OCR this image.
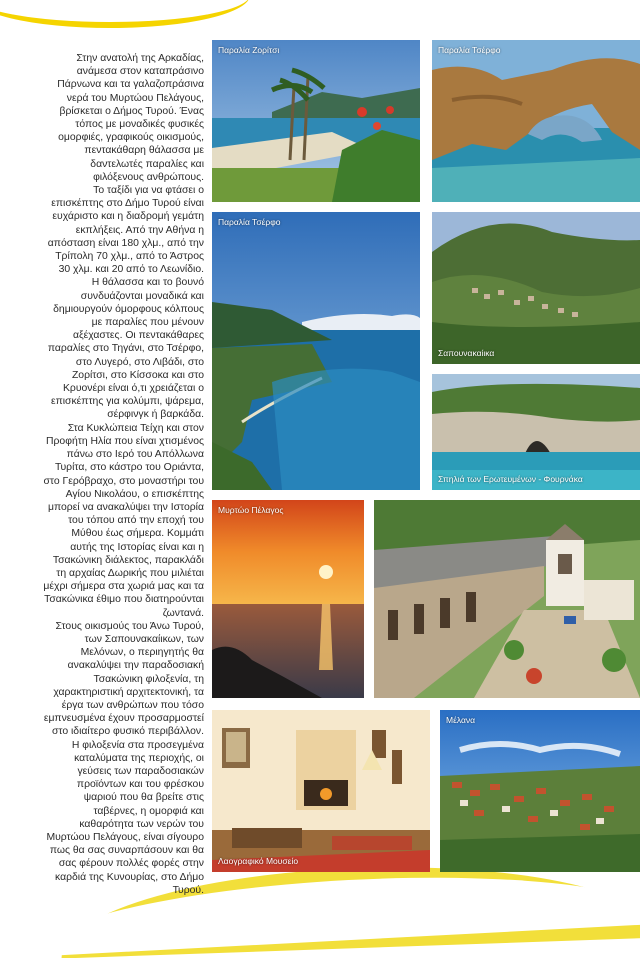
Στην ανατολή της Αρκαδίας, ανάμεσα στον καταπράσινο Πάρνωνα και τα γαλαζοπράσινα νερά του Μυρτώου Πελάγους, βρίσκεται ο Δήμος Τυρού. Ένας τόπος με μοναδικές φυσικές ομορφιές, γραφικούς οικισμούς, πεντακάθαρη θάλασσα με δαντελωτές παραλίες και φιλόξενους ανθρώπους.

Το ταξίδι για να φτάσει ο επισκέπτης στο Δήμο Τυρού είναι ευχάριστο και η διαδρομή γεμάτη εκπλήξεις. Από την Αθήνα η απόσταση είναι 180 χλμ., από την Τρίπολη 70 χλμ., από το Άστρος 30 χλμ. και 20 από το Λεωνίδιο.

Η θάλασσα και το βουνό συνδυάζονται μοναδικά και δημιουργούν όμορφους κόλπους με παραλίες που μένουν αξέχαστες. Οι πεντακάθαρες παραλίες στο Τηγάνι, στο Τσέρφο, στο Λυγερό, στο Λιβάδι, στο Ζορίτσι, στο Κίσσοκα και στο Κρυονέρι είναι ό,τι χρειάζεται ο επισκέπτης για κολύμπι, ψάρεμα, σέρφινγκ ή βαρκάδα.

Στα Κυκλώπεια Τείχη και στον Προφήτη Ηλία που είναι χτισμένος πάνω στο Ιερό του Απόλλωνα Τυρίτα, στο κάστρο του Οριάντα, στο Γερόβραχο, στο μοναστήρι του Αγίου Νικολάου, ο επισκέπτης μπορεί να ανακαλύψει την Ιστορία του τόπου από την εποχή του Μύθου έως σήμερα. Κομμάτι αυτής της Ιστορίας είναι και η Τσακώνικη διάλεκτος, παρακλάδι τη αρχαίας Δωρικής που μιλιέται μέχρι σήμερα στα χωριά μας και τα Τσακώνικα έθιμο που διατηρούνται ζωντανά.

Στους οικισμούς του Άνω Τυρού, των Σαπουνακαίικων, των Μελόνων, ο περιηγητής θα ανακαλύψει την παραδοσιακή Τσακώνικη φιλοξενία, τη χαρακτηριστική αρχιτεκτονική, τα έργα των ανθρώπων που τόσο εμπνευσμένα έχουν προσαρμοστεί στο ιδιαίτερο φυσικό περιβάλλον.

Η φιλοξενία στα προσεγμένα καταλύματα της περιοχής, οι γεύσεις των παραδοσιακών προϊόντων και του φρέσκου ψαριού που θα βρείτε στις ταβέρνες, η ομορφιά και καθαρότητα των νερών του Μυρτώου Πελάγους, είναι σίγουρο πως θα σας συναρπάσουν και θα σας φέρουν πολλές φορές στην καρδιά της Κυνουρίας, στο Δήμο Τυρού.

Παραλία Ζορίτσι	Παραλία Τσέρφο
Παραλία Τσέρφο
Σαπουνακαίικα
Σπηλιά των Ερωτευμένων - Φουρνάκα
Μυρτώο Πέλαγος
Λαογραφικό Μουσείο
Μέλανα
